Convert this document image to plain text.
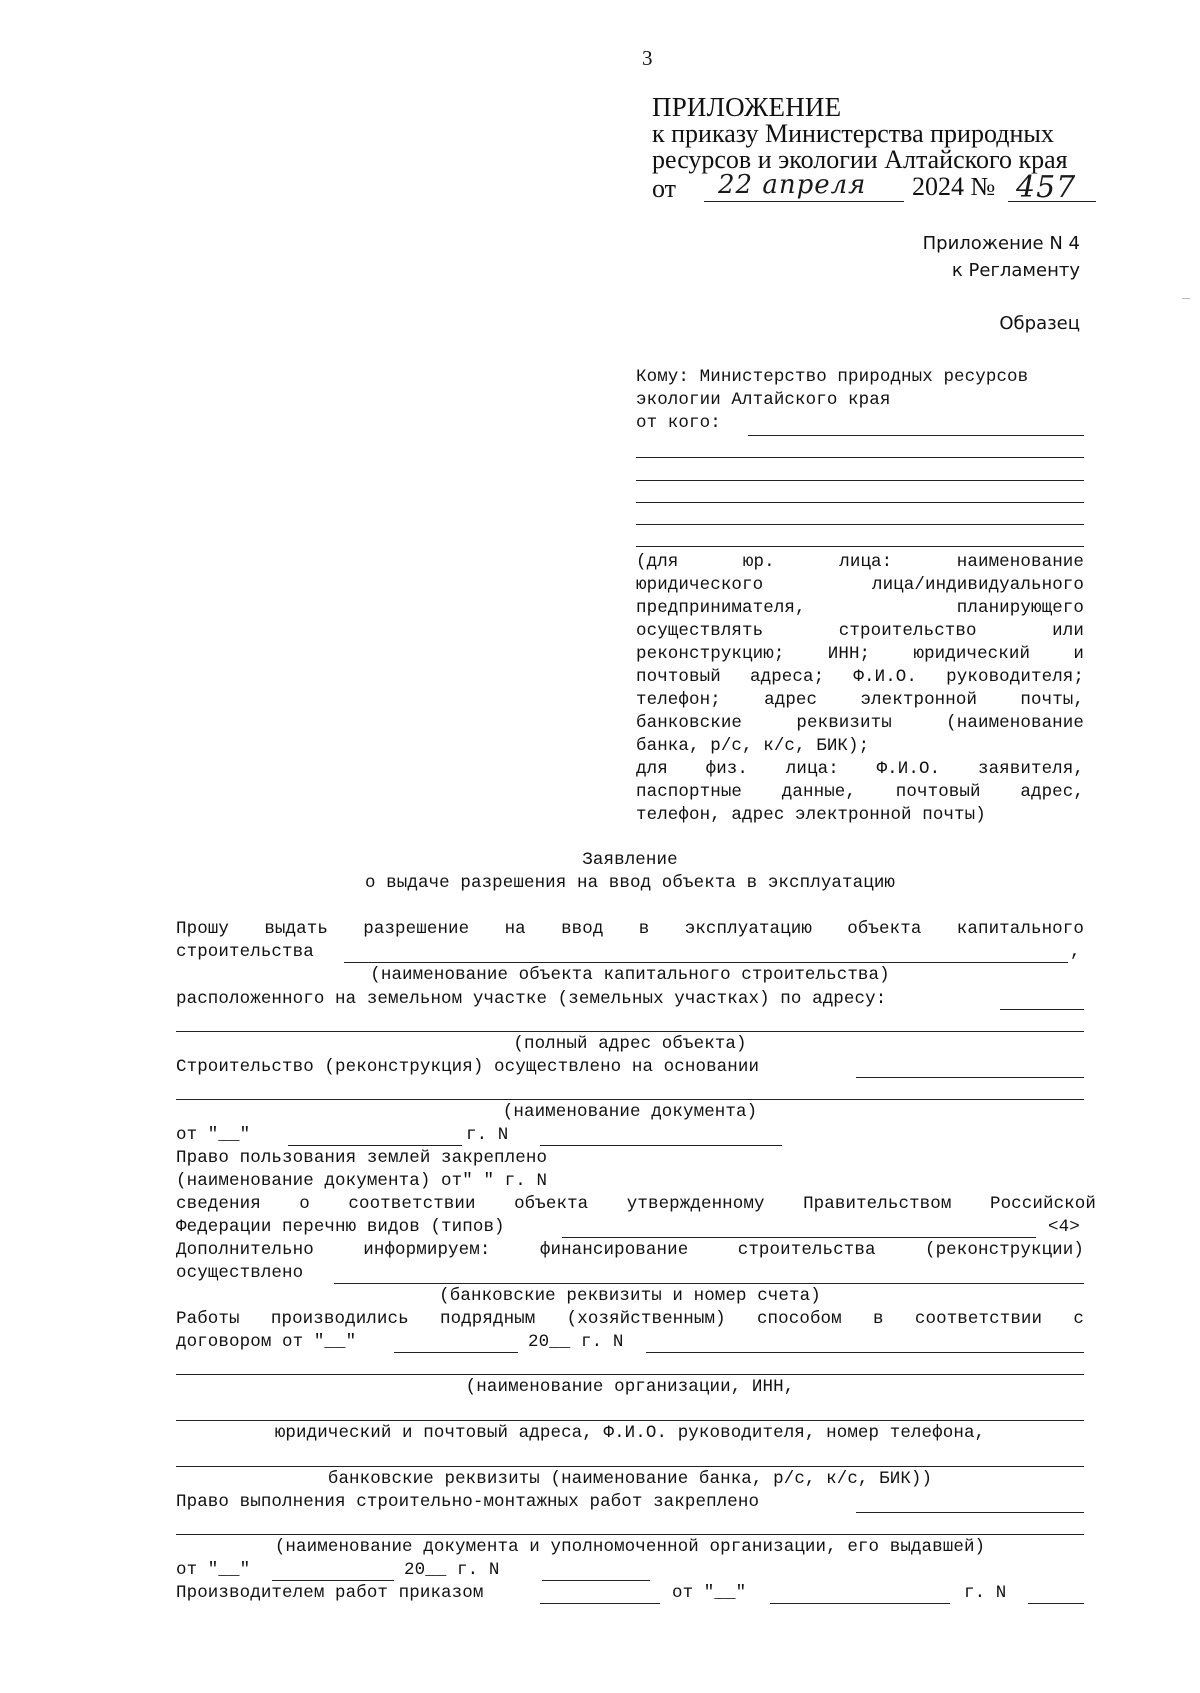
3
ПРИЛОЖЕНИЕ
к приказу Министерства природных
ресурсов и экологии Алтайского края
от 22 апреля 2024 № 457
Приложение N 4
к Регламенту
Образец
Кому: Министерство природных ресурсов
экологии Алтайского края
от кого:
(для юр. лица: наименование
юридического лица/индивидуального
предпринимателя, планирующего
осуществлять строительство или
реконструкцию; ИНН; юридический и
почтовый адреса; Ф.И.О. руководителя;
телефон; адрес электронной почты,
банковские реквизиты (наименование
банка, р/с, к/с, БИК);
для физ. лица: Ф.И.О. заявителя,
паспортные данные, почтовый адрес,
телефон, адрес электронной почты)
Заявление
о выдаче разрешения на ввод объекта в эксплуатацию
Прошу выдать разрешение на ввод в эксплуатацию объекта капитального
строительства	,
(наименование объекта капитального строительства)
расположенного на земельном участке (земельных участках) по адресу:
(полный адрес объекта)
Строительство (реконструкция) осуществлено на основании
(наименование документа)
от "__"	г. N
Право пользования землей закреплено
(наименование документа) от" " г. N
сведения о соответствии объекта утвержденному Правительством Российской
Федерации перечню видов (типов)	<4>
Дополнительно информируем: финансирование строительства (реконструкции)
осуществлено
(банковские реквизиты и номер счета)
Работы производились подрядным (хозяйственным) способом в соответствии с
договором от "__"	20__ г. N
(наименование организации, ИНН,
юридический и почтовый адреса, Ф.И.О. руководителя, номер телефона,
банковские реквизиты (наименование банка, р/с, к/с, БИК))
Право выполнения строительно-монтажных работ закреплено
(наименование документа и уполномоченной организации, его выдавшей)
от "__"	20__ г. N
Производителем работ приказом	от "__"	г. N
